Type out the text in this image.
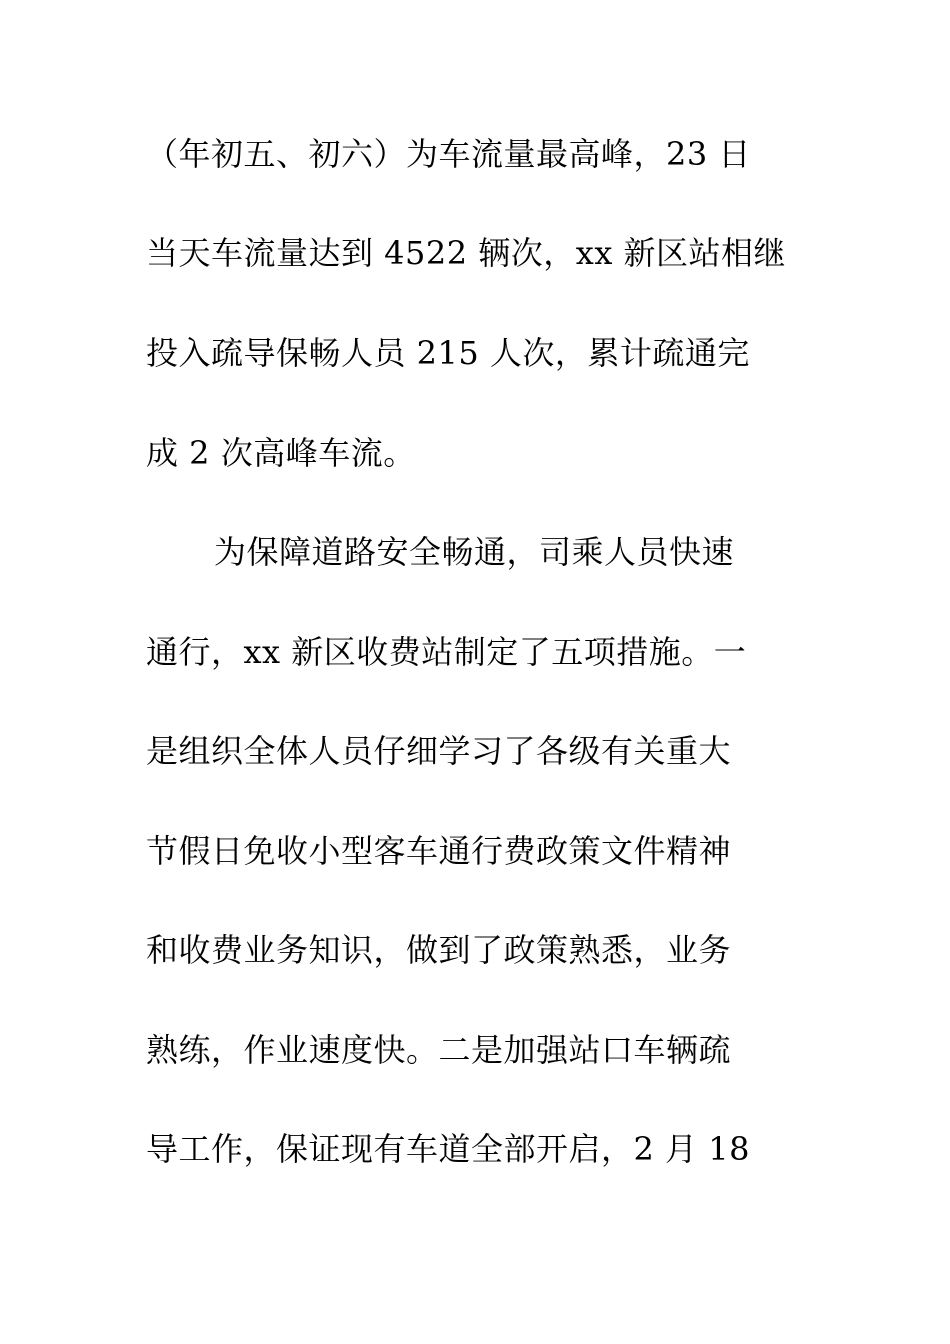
（年初五、初六）为车流量最高峰，23 日
当天车流量达到 4522 辆次，xx 新区站相继
投入疏导保畅人员 215 人次，累计疏通完
成 2 次高峰车流。
为保障道路安全畅通，司乘人员快速
通行，xx 新区收费站制定了五项措施。一
是组织全体人员仔细学习了各级有关重大
节假日免收小型客车通行费政策文件精神
和收费业务知识，做到了政策熟悉，业务
熟练，作业速度快。二是加强站口车辆疏
导工作，保证现有车道全部开启，2 月 18
